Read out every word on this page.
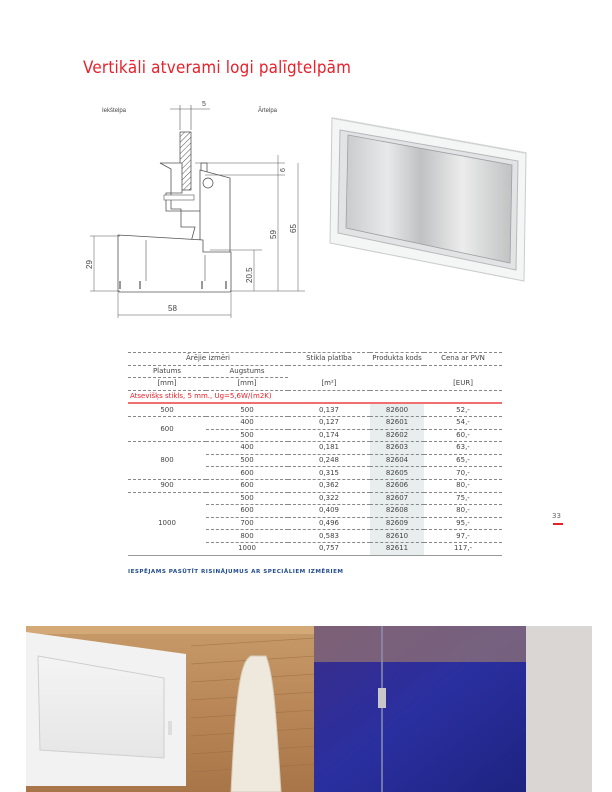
Vertikāli atverami logi palīgtelpām
Iekštelpa	Ārtelpa
5
6
59
65
20.5
29
58
Ārējie izmēri		Stikla platība	Produkta kods	Cena ar PVN
Platums	Augstums			
[mm]	[mm]	[m²]		[EUR]
Atsevišķs stikls, 5 mm., Ug=5,6W/(m2K)				
500	500	0,137	82600	52,-
600	400	0,127	82601	54,-
	500	0,174	82602	60,-
800	400	0,181	82603	63,-
	500	0,248	82604	65,-
	600	0,315	82605	70,-
900	600	0,362	82606	80,-
1000	500	0,322	82607	75,-
	600	0,409	82608	80,-
	700	0,496	82609	95,-
	800	0,583	82610	97,-
	1000	0,757	82611	117,-
IESPĒJAMS PASŪTĪT RISINĀJUMUS AR SPECIĀLIEM IZMĒRIEM
33
